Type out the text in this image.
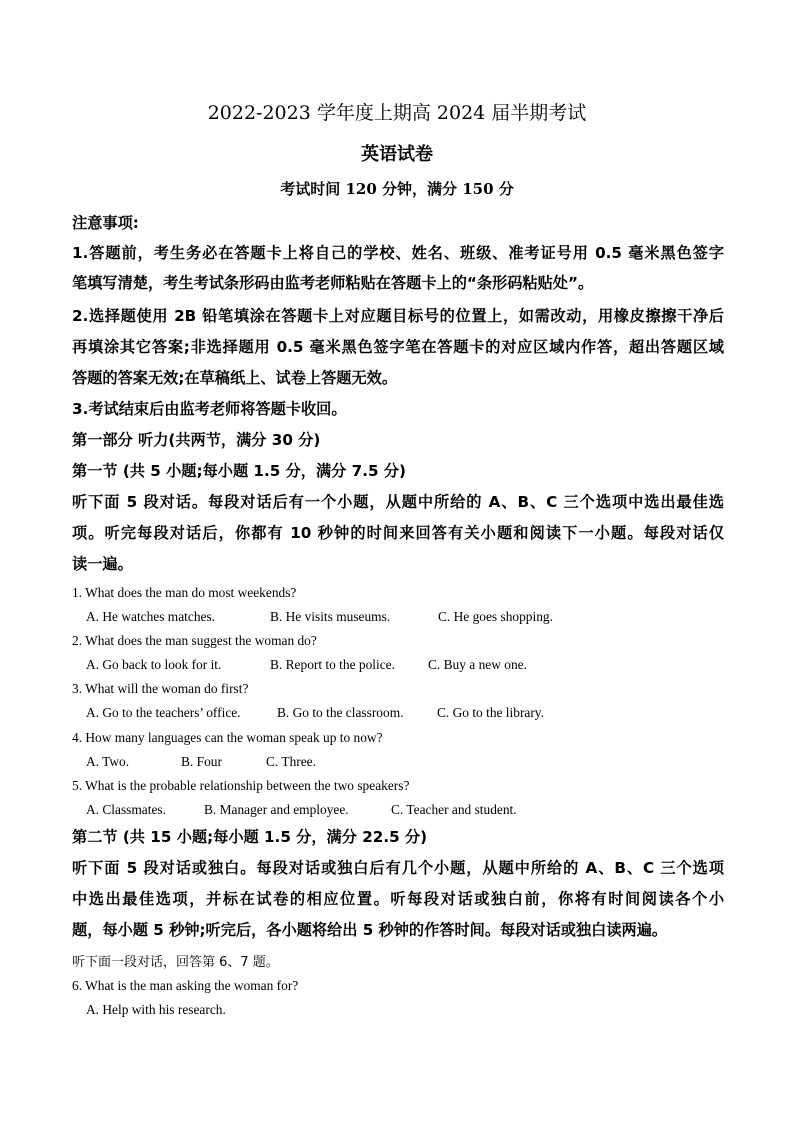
2022-2023 学年度上期高 2024 届半期考试
英语试卷
考试时间 120 分钟，满分 150 分
注意事项:
1.答题前，考生务必在答题卡上将自己的学校、姓名、班级、准考证号用 0.5 毫米黑色签字
笔填写清楚，考生考试条形码由监考老师粘贴在答题卡上的“条形码粘贴处”。
2.选择题使用 2B 铅笔填涂在答题卡上对应题目标号的位置上，如需改动，用橡皮擦擦干净后
再填涂其它答案;非选择题用 0.5 毫米黑色签字笔在答题卡的对应区域内作答，超出答题区域
答题的答案无效;在草稿纸上、试卷上答题无效。
3.考试结束后由监考老师将答题卡收回。
第一部分 听力(共两节，满分 30 分)
第一节 (共 5 小题;每小题 1.5 分，满分 7.5 分)
听下面 5 段对话。每段对话后有一个小题，从题中所给的 A、B、C 三个选项中选出最佳选
项。听完每段对话后，你都有 10 秒钟的时间来回答有关小题和阅读下一小题。每段对话仅
读一遍。
1. What does the man do most weekends?
A. He watches matches.	B. He visits museums.	C. He goes shopping.
2. What does the man suggest the woman do?
A. Go back to look for it.	B. Report to the police. C. Buy a new one.
3. What will the woman do first?
A. Go to the teachers’ office.	B. Go to the classroom.	C. Go to the library.
4. How many languages can the woman speak up to now?
A. Two.	B. Four	C. Three.
5. What is the probable relationship between the two speakers?
A. Classmates.	B. Manager and employee.	C. Teacher and student.
第二节 (共 15 小题;每小题 1.5 分，满分 22.5 分)
听下面 5 段对话或独白。每段对话或独白后有几个小题，从题中所给的 A、B、C 三个选项
中选出最佳选项，并标在试卷的相应位置。听每段对话或独白前，你将有时间阅读各个小
题，每小题 5 秒钟;听完后，各小题将给出 5 秒钟的作答时间。每段对话或独白读两遍。
听下面一段对话，回答第 6、7 题。
6. What is the man asking the woman for?
A. Help with his research.
